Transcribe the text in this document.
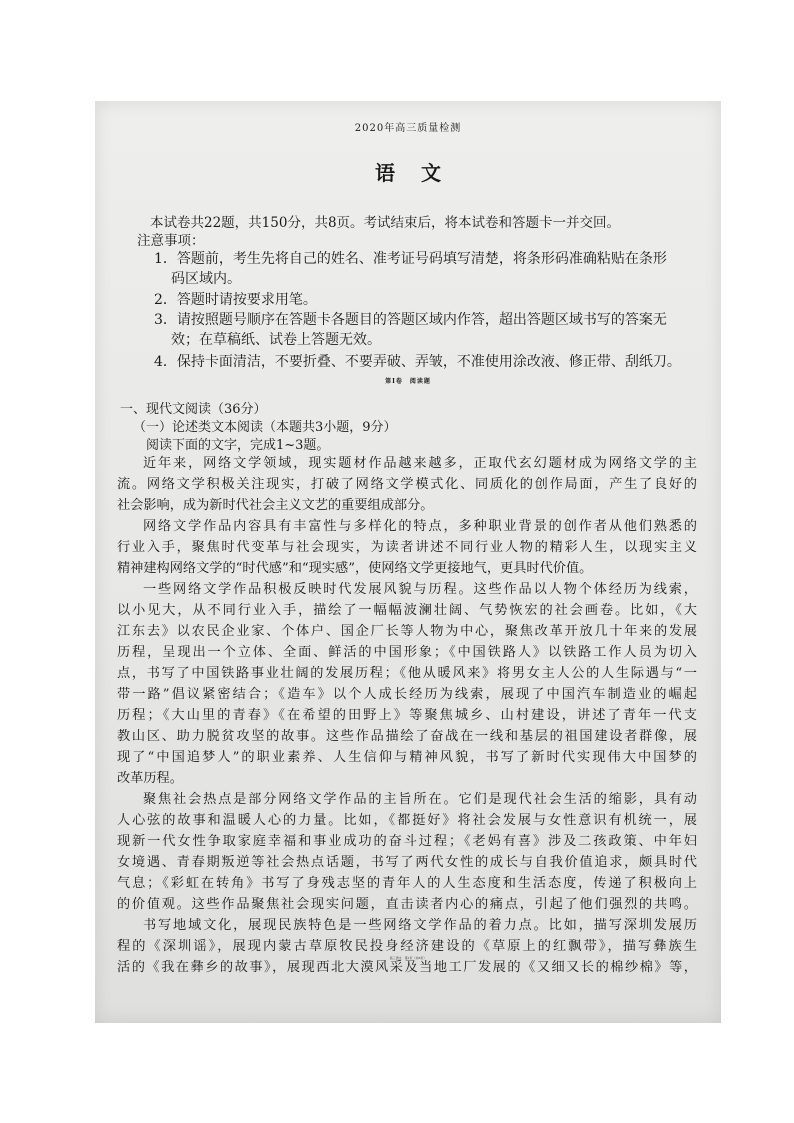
2020年高三质量检测
语文
本试卷共22题，共150分，共8页。考试结束后，将本试卷和答题卡一并交回。
注意事项：
1．答题前，考生先将自己的姓名、准考证号码填写清楚，将条形码准确粘贴在条形
码区域内。
2．答题时请按要求用笔。
3．请按照题号顺序在答题卡各题目的答题区域内作答，超出答题区域书写的答案无
效；在草稿纸、试卷上答题无效。
4．保持卡面清洁，不要折叠、不要弄破、弄皱，不准使用涂改液、修正带、刮纸刀。
第Ⅰ卷　阅读题
一、现代文阅读（36分）
（一）论述类文本阅读（本题共3小题，9分）
阅读下面的文字，完成1~3题。
近年来，网络文学领域，现实题材作品越来越多，正取代玄幻题材成为网络文学的主
流。网络文学积极关注现实，打破了网络文学模式化、同质化的创作局面，产生了良好的
社会影响，成为新时代社会主义文艺的重要组成部分。
网络文学作品内容具有丰富性与多样化的特点，多种职业背景的创作者从他们熟悉的
行业入手，聚焦时代变革与社会现实，为读者讲述不同行业人物的精彩人生，以现实主义
精神建构网络文学的“时代感”和“现实感”，使网络文学更接地气，更具时代价值。
一些网络文学作品积极反映时代发展风貌与历程。这些作品以人物个体经历为线索，
以小见大，从不同行业入手，描绘了一幅幅波澜壮阔、气势恢宏的社会画卷。比如，《大
江东去》以农民企业家、个体户、国企厂长等人物为中心，聚焦改革开放几十年来的发展
历程，呈现出一个立体、全面、鲜活的中国形象；《中国铁路人》以铁路工作人员为切入
点，书写了中国铁路事业壮阔的发展历程；《他从暖风来》将男女主人公的人生际遇与“一
带一路”倡议紧密结合；《造车》以个人成长经历为线索，展现了中国汽车制造业的崛起
历程；《大山里的青春》《在希望的田野上》等聚焦城乡、山村建设，讲述了青年一代支
教山区、助力脱贫攻坚的故事。这些作品描绘了奋战在一线和基层的祖国建设者群像，展
现了“中国追梦人”的职业素养、人生信仰与精神风貌，书写了新时代实现伟大中国梦的
改革历程。
聚焦社会热点是部分网络文学作品的主旨所在。它们是现代社会生活的缩影，具有动
人心弦的故事和温暖人心的力量。比如，《都挺好》将社会发展与女性意识有机统一，展
现新一代女性争取家庭幸福和事业成功的奋斗过程；《老妈有喜》涉及二孩政策、中年妇
女境遇、青春期叛逆等社会热点话题，书写了两代女性的成长与自我价值追求，颇具时代
气息；《彩虹在转角》书写了身残志坚的青年人的人生态度和生活态度，传递了积极向上
的价值观。这些作品聚焦社会现实问题，直击读者内心的痛点，引起了他们强烈的共鸣。
书写地域文化，展现民族特色是一些网络文学作品的着力点。比如，描写深圳发展历
程的《深圳谣》，展现内蒙古草原牧民投身经济建设的《草原上的红飘带》，描写彝族生
活的《我在彝乡的故事》，展现西北大漠风采及当地工厂发展的《又细又长的棉纱棉》等，
高三语文　第1页（共8页）
